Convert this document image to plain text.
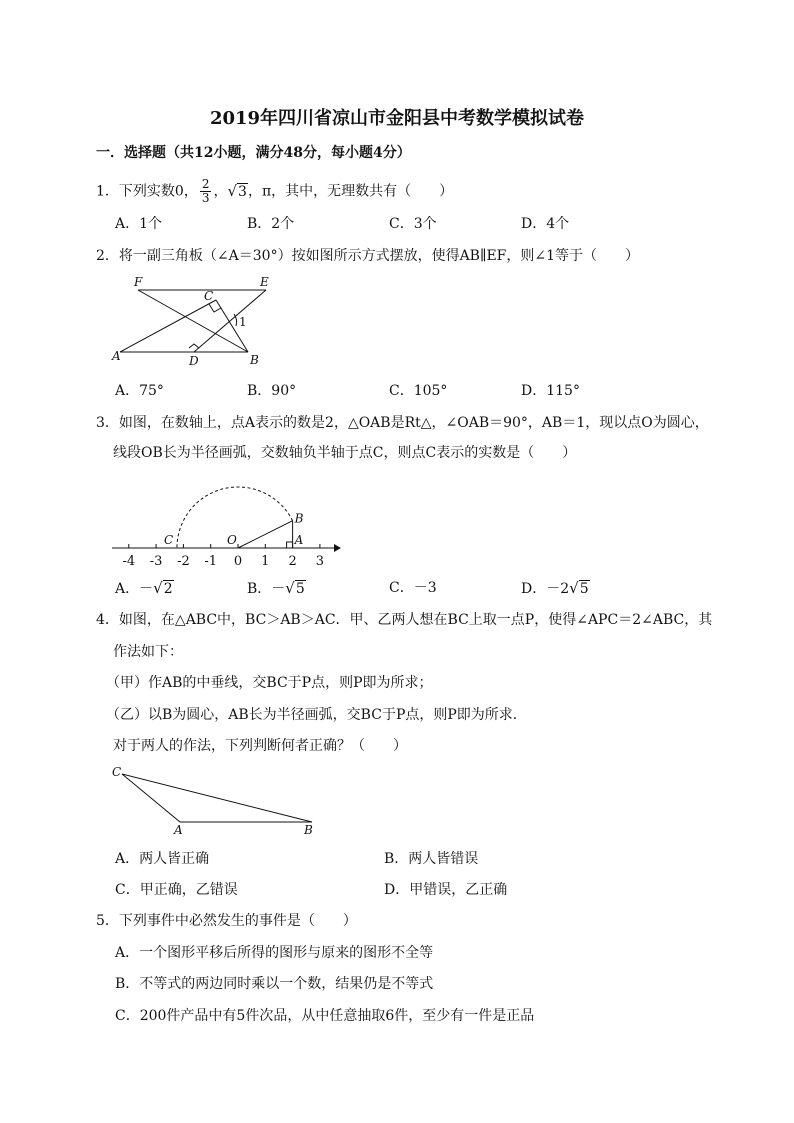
2019年四川省凉山市金阳县中考数学模拟试卷
一．选择题（共12小题，满分48分，每小题4分）
1．下列实数0， $\frac{2}{3}$ ，√3，π，其中，无理数共有（　　）
A．1个	B．2个	C．3个	D．4个
2．将一副三角板（∠A＝30°）按如图所示方式摆放，使得AB∥EF，则∠1等于（　　）
F	E
C
1
A	D	B
A．75°	B．90°	C．105°	D．115°
3．如图，在数轴上，点A表示的数是2，△OAB是Rt△，∠OAB＝90°，AB＝1，现以点O为圆心，
线段OB长为半径画弧，交数轴负半轴于点C，则点C表示的实数是（　　）
-4 -3 -2 -1 0 1 2 3
B
C	O	A
A．－√2	B．－√5	C．－3	D．－2√5
4．如图，在△ABC中，BC＞AB＞AC．甲、乙两人想在BC上取一点P，使得∠APC＝2∠ABC，其
作法如下：
（甲）作AB的中垂线，交BC于P点，则P即为所求；
（乙）以B为圆心，AB长为半径画弧，交BC于P点，则P即为所求．
对于两人的作法，下列判断何者正确？（　　）
C
A	B
A．两人皆正确	B．两人皆错误
C．甲正确，乙错误	D．甲错误，乙正确
5．下列事件中必然发生的事件是（　　）
A．一个图形平移后所得的图形与原来的图形不全等
B．不等式的两边同时乘以一个数，结果仍是不等式
C．200件产品中有5件次品，从中任意抽取6件，至少有一件是正品
